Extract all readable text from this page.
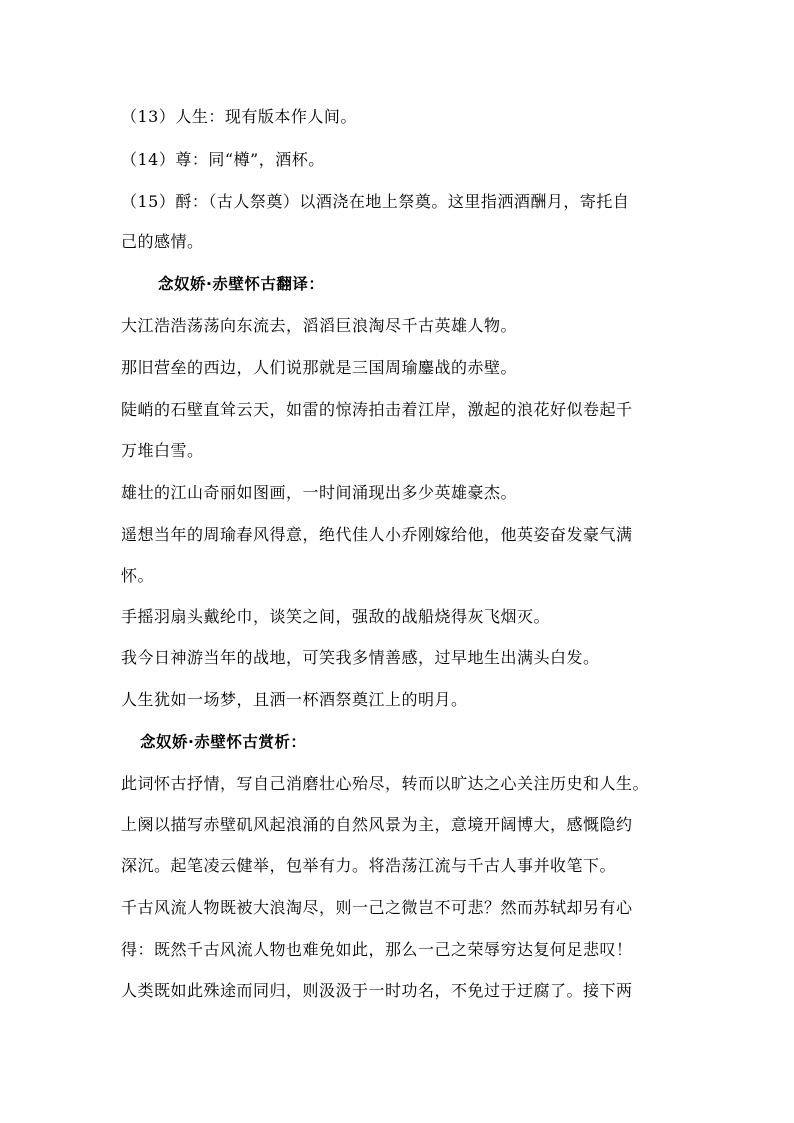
（13）人生：现有版本作人间。
（14）尊：同“樽”，酒杯。
（15）酹：（古人祭奠）以酒浇在地上祭奠。这里指洒酒酬月，寄托自
己的感情。
念奴娇·赤壁怀古翻译：
大江浩浩荡荡向东流去，滔滔巨浪淘尽千古英雄人物。
那旧营垒的西边，人们说那就是三国周瑜鏖战的赤壁。
陡峭的石壁直耸云天，如雷的惊涛拍击着江岸，激起的浪花好似卷起千
万堆白雪。
雄壮的江山奇丽如图画，一时间涌现出多少英雄豪杰。
遥想当年的周瑜春风得意，绝代佳人小乔刚嫁给他，他英姿奋发豪气满
怀。
手摇羽扇头戴纶巾，谈笑之间，强敌的战船烧得灰飞烟灭。
我今日神游当年的战地，可笑我多情善感，过早地生出满头白发。
人生犹如一场梦，且洒一杯酒祭奠江上的明月。
念奴娇·赤壁怀古赏析：
此词怀古抒情，写自己消磨壮心殆尽，转而以旷达之心关注历史和人生。
上阕以描写赤壁矶风起浪涌的自然风景为主，意境开阔博大，感慨隐约
深沉。起笔凌云健举，包举有力。将浩荡江流与千古人事并收笔下。
千古风流人物既被大浪淘尽，则一己之微岂不可悲？然而苏轼却另有心
得：既然千古风流人物也难免如此，那么一己之荣辱穷达复何足悲叹！
人类既如此殊途而同归，则汲汲于一时功名，不免过于迂腐了。接下两
